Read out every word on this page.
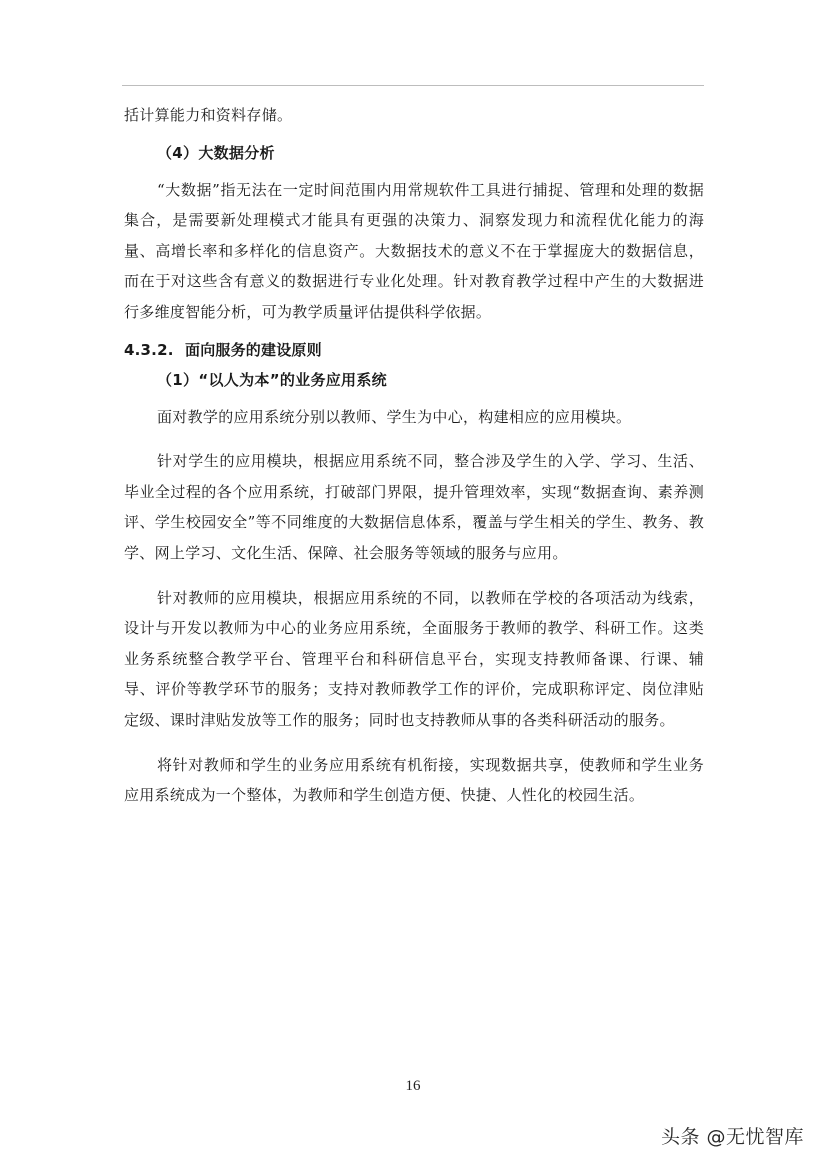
括计算能力和资料存储。

（4）大数据分析

“大数据”指无法在一定时间范围内用常规软件工具进行捕捉、管理和处理的数据集合，是需要新处理模式才能具有更强的决策力、洞察发现力和流程优化能力的海量、高增长率和多样化的信息资产。大数据技术的意义不在于掌握庞大的数据信息，而在于对这些含有意义的数据进行专业化处理。针对教育教学过程中产生的大数据进行多维度智能分析，可为教学质量评估提供科学依据。

4.3.2. 面向服务的建设原则
（1）“以人为本”的业务应用系统

面对教学的应用系统分别以教师、学生为中心，构建相应的应用模块。

针对学生的应用模块，根据应用系统不同，整合涉及学生的入学、学习、生活、毕业全过程的各个应用系统，打破部门界限，提升管理效率，实现“数据查询、素养测评、学生校园安全”等不同维度的大数据信息体系，覆盖与学生相关的学生、教务、教学、网上学习、文化生活、保障、社会服务等领域的服务与应用。

针对教师的应用模块，根据应用系统的不同，以教师在学校的各项活动为线索，设计与开发以教师为中心的业务应用系统，全面服务于教师的教学、科研工作。这类业务系统整合教学平台、管理平台和科研信息平台，实现支持教师备课、行课、辅导、评价等教学环节的服务；支持对教师教学工作的评价，完成职称评定、岗位津贴定级、课时津贴发放等工作的服务；同时也支持教师从事的各类科研活动的服务。

将针对教师和学生的业务应用系统有机衔接，实现数据共享，使教师和学生业务应用系统成为一个整体，为教师和学生创造方便、快捷、人性化的校园生活。

16
头条 @无忧智库
